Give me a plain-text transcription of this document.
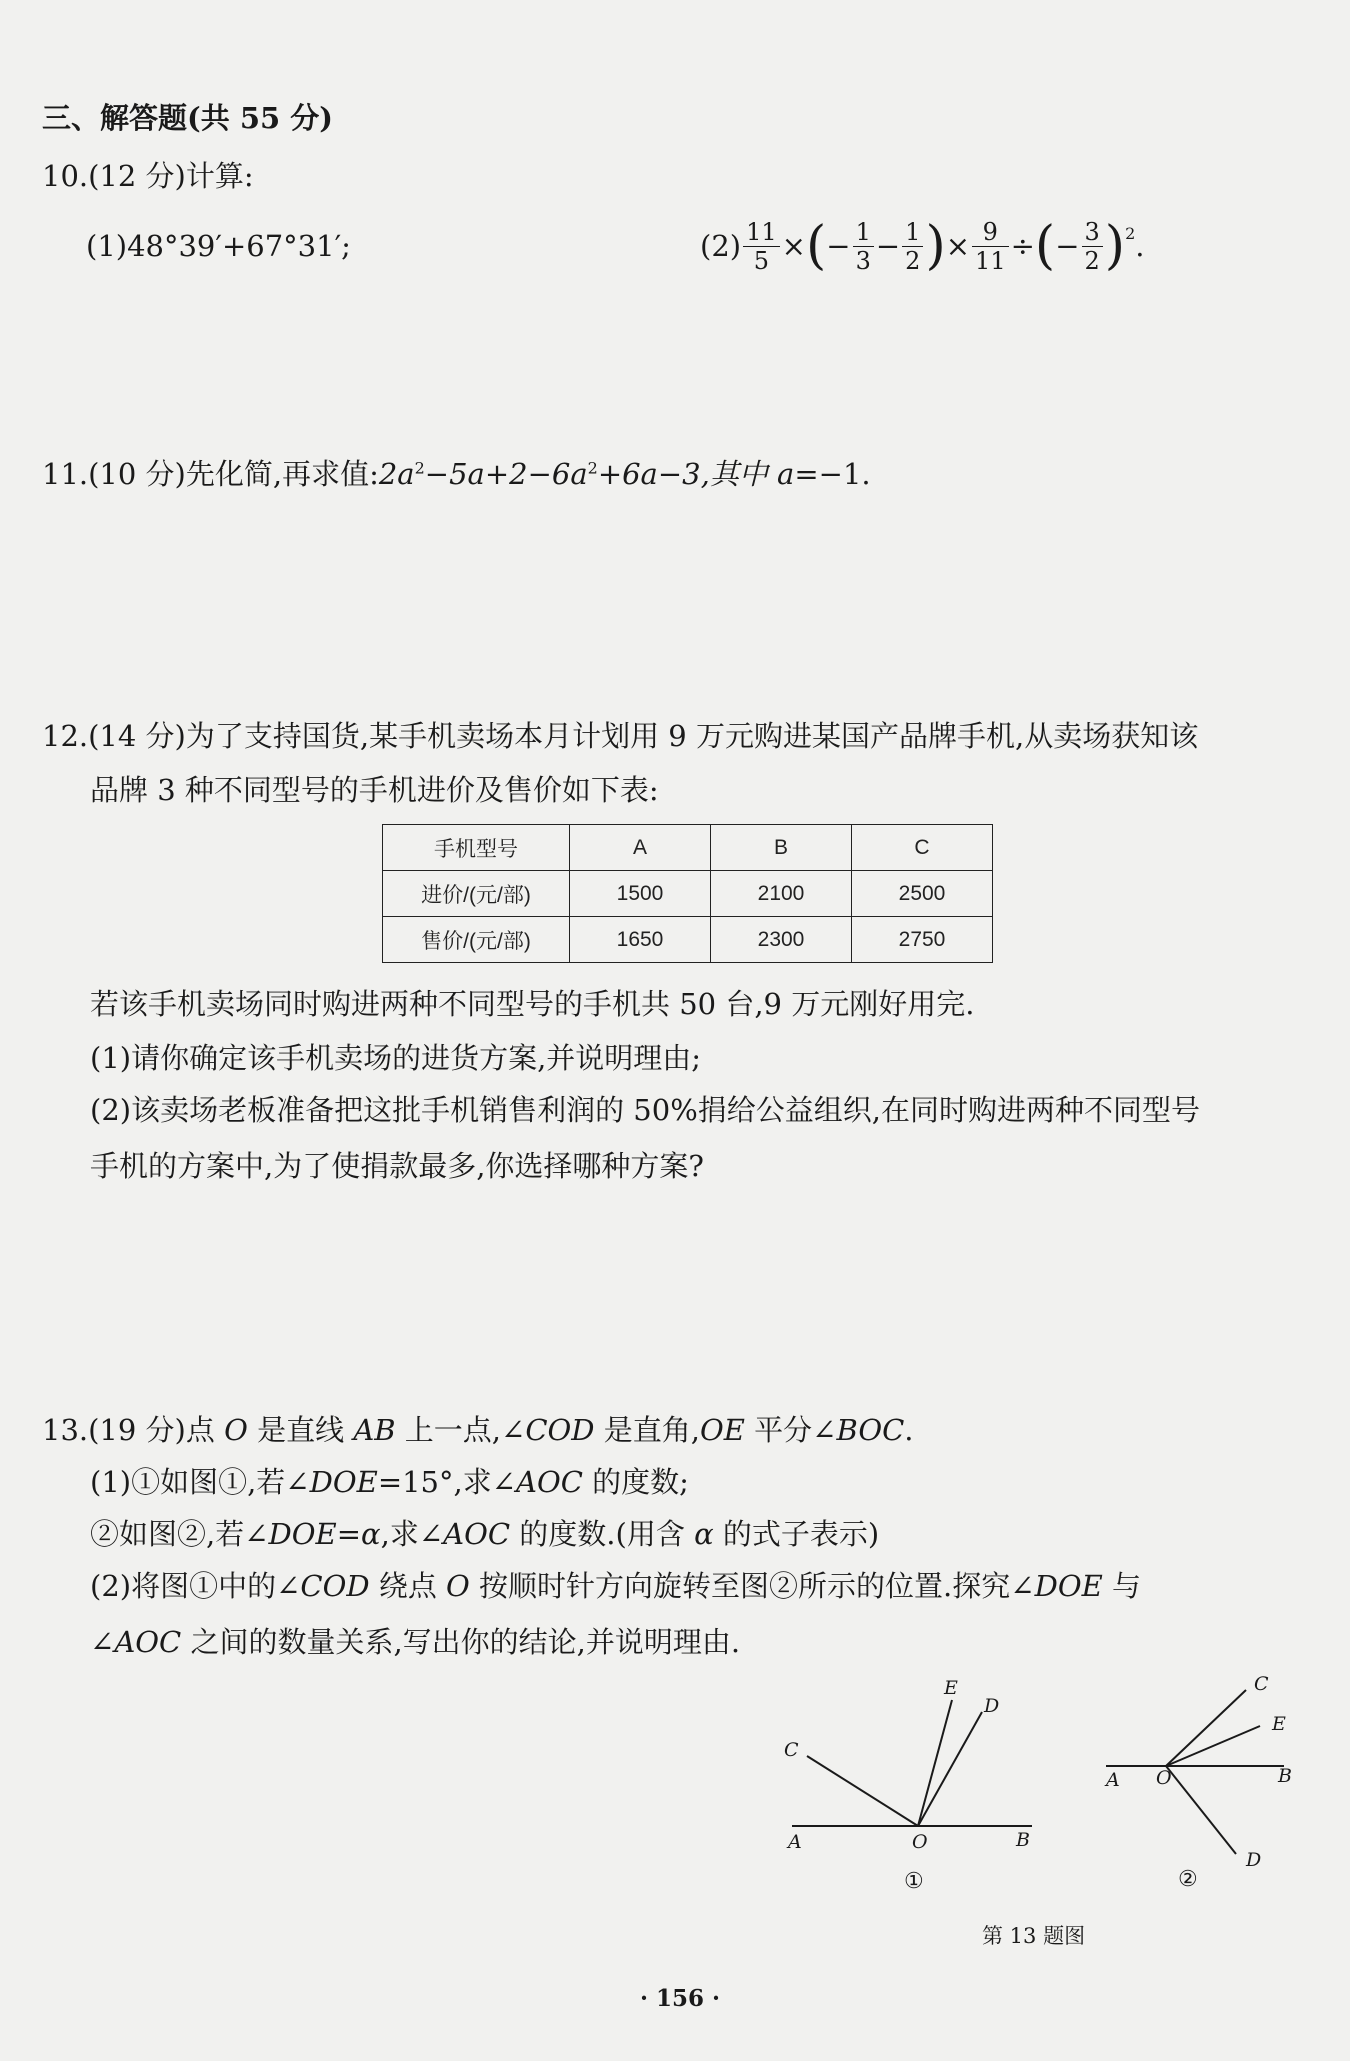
三、解答题(共 55 分)
10.(12 分)计算:
(1)48°39′+67°31′;	$(2) \frac{11}{5}$ × ( − $\frac{1}{3} - \frac{1}{2}$ ) × $\frac{9}{11}$ ÷ ( − $\frac{3}{2}$ ) 2 .
11.(10 分)先化简,再求值$:2a^2-5a+2-6a^2+6a-3$,其中 a=−1.
12.(14 分)为了支持国货,某手机卖场本月计划用 9 万元购进某国产品牌手机,从卖场获知该
品牌 3 种不同型号的手机进价及售价如下表:
手机型号	A	B	C
进价/(元/部)	1500	2100	2500
售价/(元/部)	1650	2300	2750
若该手机卖场同时购进两种不同型号的手机共 50 台,9 万元刚好用完.
(1)请你确定该手机卖场的进货方案,并说明理由;
(2)该卖场老板准备把这批手机销售利润的 50%捐给公益组织,在同时购进两种不同型号
手机的方案中,为了使捐款最多,你选择哪种方案?
13.(19 分)点 O 是直线 AB 上一点,∠COD 是直角,OE 平分∠BOC.
(1)①如图①,若∠DOE=15°,求∠AOC 的度数;
②如图②,若∠DOE=α,求∠AOC 的度数.(用含 α 的式子表示)
(2)将图①中的∠COD 绕点 O 按顺时针方向旋转至图②所示的位置.探究∠DOE 与
∠AOC 之间的数量关系,写出你的结论,并说明理由.
A	O	B
C
E
D
①
A O	B
C
E
D
②
第 13 题图
· 156 ·
